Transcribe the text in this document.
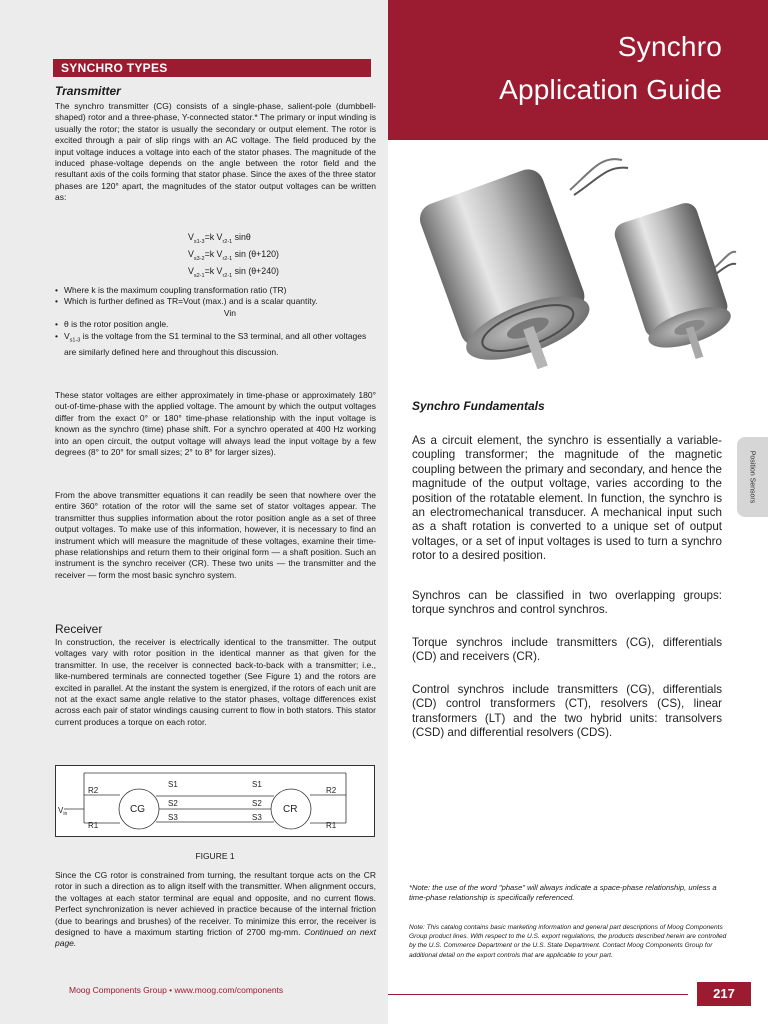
Synchro
Application Guide
SYNCHRO TYPES
Transmitter

The synchro transmitter (CG) consists of a single-phase, salient-pole (dumbbell-shaped) rotor and a three-phase, Y-connected stator.* The primary or input winding is usually the rotor; the stator is usually the secondary or output element. The rotor is excited through a pair of slip rings with an AC voltage. The field produced by the input voltage induces a voltage into each of the stator phases. The magnitude of the induced phase-voltage depends on the angle between the rotor field and the resultant axis of the coils forming that stator phase. Since the axes of the three stator phases are 120° apart, the magnitudes of the stator output voltages can be written as:

$V_{s1-3}=k$ $V_{r2-1}$ sinθ
$V_{s3-2}=k$ $V_{r2-1}$ sin (θ+120)
$V_{s2-1}=k$ $V_{r2-1}$ sin (θ+240)
• Where k is the maximum coupling transformation ratio (TR)
• Which is further defined as TR=Vout (max.) and is a scalar quantity.
Vin
• θ is the rotor position angle.
• $V_{s1-3}$ is the voltage from the S1 terminal to the S3 terminal, and all other voltages are similarly defined here and throughout this discussion.

These stator voltages are either approximately in time-phase or approximately 180° out-of-time-phase with the applied voltage. The amount by which the output voltages differ from the exact 0° or 180° time-phase relationship with the input voltage is known as the synchro (time) phase shift. For a synchro operated at 400 Hz working into an open circuit, the output voltage will always lead the input voltage by a few degrees (8° to 20° for small sizes; 2° to 8° for larger sizes).

From the above transmitter equations it can readily be seen that nowhere over the entire 360° rotation of the rotor will the same set of stator voltages appear. The transmitter thus supplies information about the rotor position angle as a set of three output voltages. To make use of this information, however, it is necessary to find an instrument which will measure the magnitude of these voltages, examine their time-phase relationships and return them to their original form — a shaft position. Such an instrument is the synchro receiver (CR). These two units — the transmitter and the receiver — form the most basic synchro system.

Receiver

In construction, the receiver is electrically identical to the transmitter. The output voltages vary with rotor position in the identical manner as that given for the transmitter. In use, the receiver is connected back-to-back with a transmitter; i.e., like-numbered terminals are connected together (See Figure 1) and the rotors are excited in parallel. At the instant the system is energized, if the rotors of each unit are not at the exact same angle relative to the stator phases, voltage differences exist across each pair of stator windings causing current to flow in both stators. This stator current produces a torque on each rotor.

R2
R1
R2
R1
CG	CR
S1
S2
S3
S1
S2
S3
$V_{in}$

FIGURE 1

Since the CG rotor is constrained from turning, the resultant torque acts on the CR rotor in such a direction as to align itself with the transmitter. When alignment occurs, the voltages at each stator terminal are equal and opposite, and no current flows. Perfect synchronization is never achieved in practice because of the internal friction (due to bearings and brushes) of the receiver. To minimize this error, the receiver is designed to have a maximum starting friction of 2700 mg-mm. Continued on next page.

Synchro Fundamentals

As a circuit element, the synchro is essentially a variable-coupling transformer; the magnitude of the magnetic coupling between the primary and secondary, and hence the magnitude of the output voltage, varies according to the position of the rotatable element. In function, the synchro is an electromechanical transducer. A mechanical input such as a shaft rotation is converted to a unique set of output voltages, or a set of input voltages is used to turn a synchro rotor to a desired position.

Synchros can be classified in two overlapping groups: torque synchros and control synchros.

Torque synchros include transmitters (CG), differentials (CD) and receivers (CR).

Control synchros include transmitters (CG), differentials (CD) control transformers (CT), resolvers (CS), linear transformers (LT) and the two hybrid units: transolvers (CSD) and differential resolvers (CDS).

Position Sensors

*Note: the use of the word "phase" will always indicate a space-phase relationship, unless a time-phase relationship is specifically referenced.

Note: This catalog contains basic marketing information and general part descriptions of Moog Components Group product lines. With respect to the U.S. export regulations, the products described herein are controlled by the U.S. Commerce Department or the U.S. State Department. Contact Moog Components Group for additional detail on the export controls that are applicable to your part.

Moog Components Group • www.moog.com/components	217
